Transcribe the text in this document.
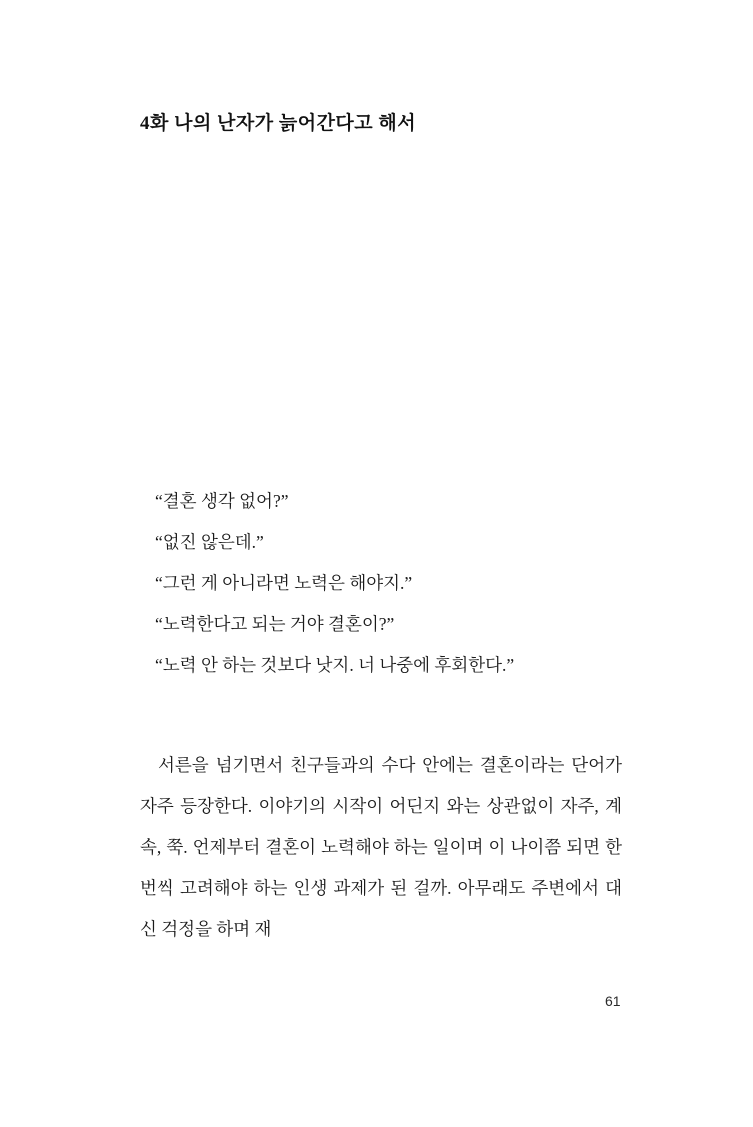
4화 나의 난자가 늙어간다고 해서
“결혼 생각 없어?”
“없진 않은데.”
“그런 게 아니라면 노력은 해야지.”
“노력한다고 되는 거야 결혼이?”
“노력 안 하는 것보다 낫지. 너 나중에 후회한다.”

서른을 넘기면서 친구들과의 수다 안에는 결혼이라는 단어가 자주 등장한다. 이야기의 시작이 어딘지 와는 상관없이 자주, 계속, 쭉. 언제부터 결혼이 노력해야 하는 일이며 이 나이쯤 되면 한 번씩 고려해야 하는 인생 과제가 된 걸까. 아무래도 주변에서 대신 걱정을 하며 재

61
